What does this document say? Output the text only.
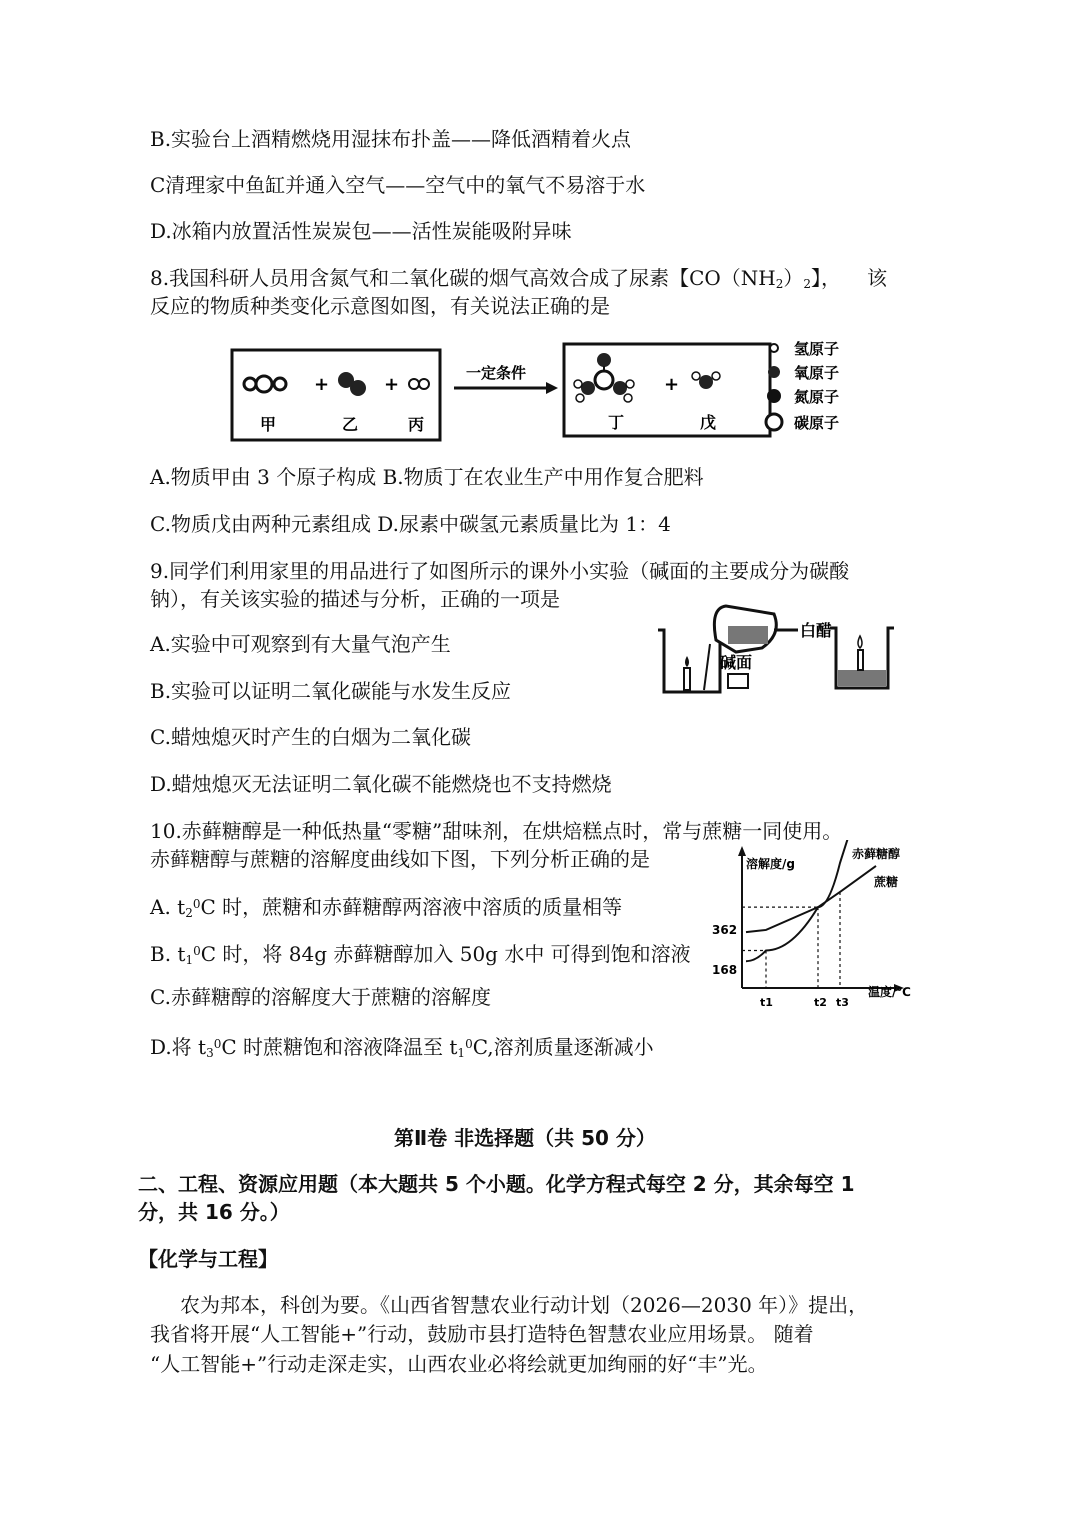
B.实验台上酒精燃烧用湿抹布扑盖——降低酒精着火点
C清理家中鱼缸并通入空气——空气中的氧气不易溶于水
D.冰箱内放置活性炭炭包——活性炭能吸附异味
8.我国科研人员用含氮气和二氧化碳的烟气高效合成了尿素【$CO(NH_2)_2$】， 该
反应的物质种类变化示意图如图，有关说法正确的是
+	+
甲	乙	丙
一定条件
+
丁	戊
氢原子
氧原子
氮原子
碳原子
A.物质甲由 3 个原子构成 B.物质丁在农业生产中用作复合肥料
C.物质戊由两种元素组成 D.尿素中碳氢元素质量比为 1：4
9.同学们利用家里的用品进行了如图所示的课外小实验（碱面的主要成分为碳酸
钠），有关该实验的描述与分析，正确的一项是
A.实验中可观察到有大量气泡产生
B.实验可以证明二氧化碳能与水发生反应
C.蜡烛熄灭时产生的白烟为二氧化碳
D.蜡烛熄灭无法证明二氧化碳不能燃烧也不支持燃烧
白醋
碱面
10.赤藓糖醇是一种低热量“零糖”甜味剂，在烘焙糕点时，常与蔗糖一同使用。
赤藓糖醇与蔗糖的溶解度曲线如下图，下列分析正确的是
A. $t_2^0C$ 时，蔗糖和赤藓糖醇两溶液中溶质的质量相等
B. $t_1^0C$ 时，将 84g 赤藓糖醇加入 50g 水中 可得到饱和溶液
C.赤藓糖醇的溶解度大于蔗糖的溶解度
D.将 $t_3^0C$ 时蔗糖饱和溶液降温至 $t_1^0C$,溶剂质量逐渐减小
溶解度/g
温度/℃
362
168
t1	t2 t3
赤藓糖醇
蔗糖
第Ⅱ卷 非选择题（共 50 分）
二、工程、资源应用题（本大题共 5 个小题。化学方程式每空 2 分，其余每空 1
分，共 16 分。）
【化学与工程】
农为邦本，科创为要。《山西省智慧农业行动计划（2026—2030 年）》提出，
我省将开展“人工智能+”行动，鼓励市县打造特色智慧农业应用场景。 随着
“人工智能+”行动走深走实，山西农业必将绘就更加绚丽的好“丰”光。
